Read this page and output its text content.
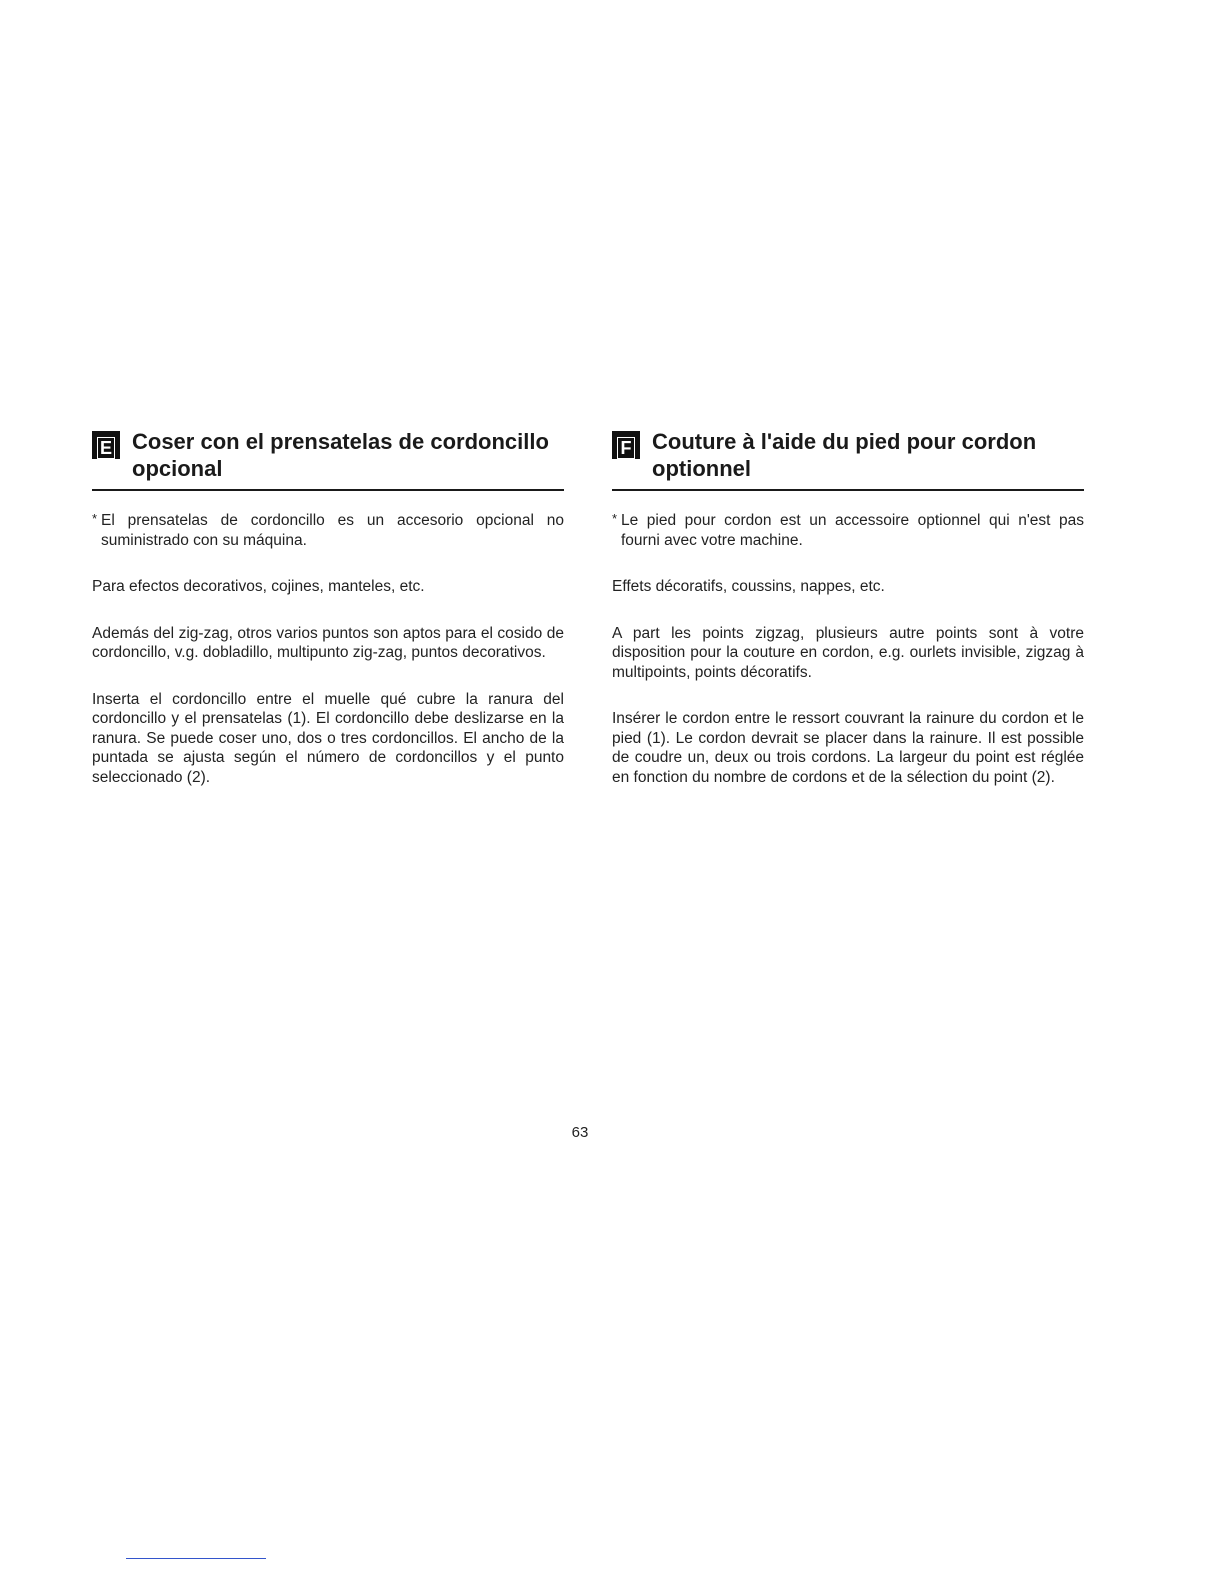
E Coser con el prensatelas de cordoncillo opcional

* El prensatelas de cordoncillo es un accesorio opcional no suministrado con su máquina.

Para efectos decorativos, cojines, manteles, etc.

Además del zig-zag, otros varios puntos son aptos para el cosido de cordoncillo, v.g. dobladillo, multipunto zig-zag, puntos decorativos.

Inserta el cordoncillo entre el muelle qué cubre la ranura del cordoncillo y el prensatelas (1). El cordoncillo debe deslizarse en la ranura. Se puede coser uno, dos o tres cordoncillos. El ancho de la puntada se ajusta según el número de cordoncillos y el punto seleccionado (2).

F Couture à l'aide du pied pour cordon optionnel

* Le pied pour cordon est un accessoire optionnel qui n'est pas fourni avec votre machine.

Effets décoratifs, coussins, nappes, etc.

A part les points zigzag, plusieurs autre points sont à votre disposition pour la couture en cordon, e.g. ourlets invisible, zigzag à multipoints, points décoratifs.

Insérer le cordon entre le ressort couvrant la rainure du cordon et le pied (1). Le cordon devrait se placer dans la rainure. Il est possible de coudre un, deux ou trois cordons. La largeur du point est réglée en fonction du nombre de cordons et de la sélection du point (2).

63
